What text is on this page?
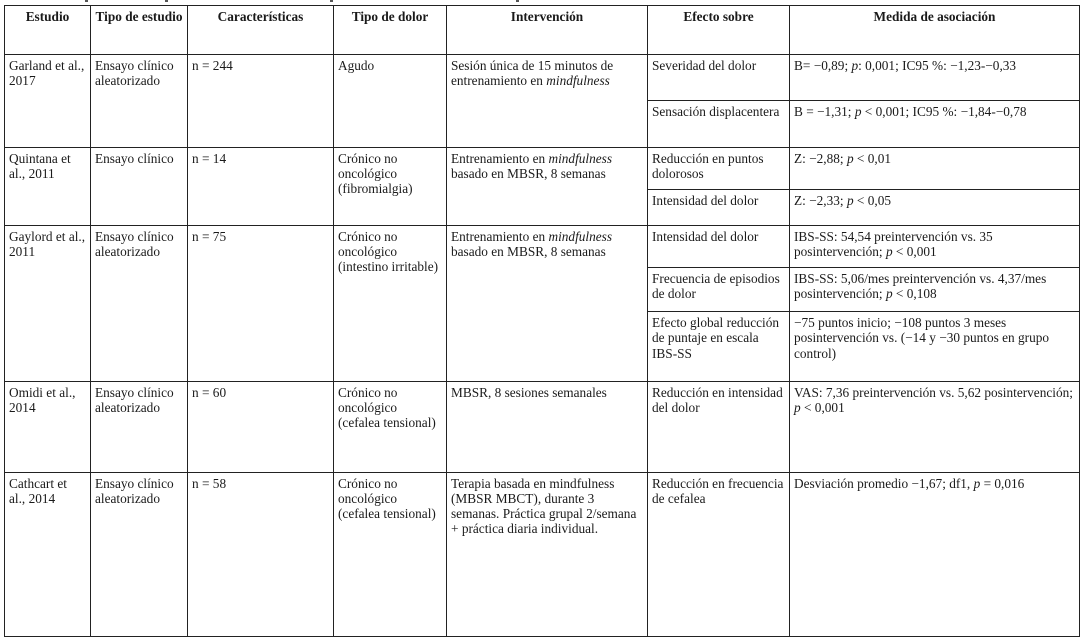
Estudio	Tipo de estudio	Características	Tipo de dolor	Intervención	Efecto sobre	Medida de asociación
Garland et al., 2017	Ensayo clínico aleatorizado	n = 244	Agudo	Sesión única de 15 minutos de entrenamiento en mindfulness	Severidad del dolor	B= −0,89; p: 0,001; IC95 %: −1,23-−0,33
					Sensación displacentera	B = −1,31; p < 0,001; IC95 %: −1,84-−0,78
Quintana et al., 2011	Ensayo clínico	n = 14	Crónico no oncológico (fibromialgia)	Entrenamiento en mindfulness basado en MBSR, 8 semanas	Reducción en puntos dolorosos	Z: −2,88; p < 0,01
					Intensidad del dolor	Z: −2,33; p < 0,05
Gaylord et al., 2011	Ensayo clínico aleatorizado	n = 75	Crónico no oncológico (intestino irritable)	Entrenamiento en mindfulness basado en MBSR, 8 semanas	Intensidad del dolor	IBS-SS: 54,54 preintervención vs. 35 posintervención; p < 0,001
					Frecuencia de episodios de dolor	IBS-SS: 5,06/mes preintervención vs. 4,37/mes posintervención; p < 0,108
					Efecto global reducción de puntaje en escala IBS-SS	−75 puntos inicio; −108 puntos 3 meses posintervención vs. (−14 y −30 puntos en grupo control)
Omidi et al., 2014	Ensayo clínico aleatorizado	n = 60	Crónico no oncológico (cefalea tensional)	MBSR, 8 sesiones semanales	Reducción en intensidad del dolor	VAS: 7,36 preintervención vs. 5,62 posintervención; p < 0,001
Cathcart et al., 2014	Ensayo clínico aleatorizado	n = 58	Crónico no oncológico (cefalea tensional)	Terapia basada en mindfulness (MBSR MBCT), durante 3 semanas. Práctica grupal 2/semana + práctica diaria individual.	Reducción en frecuencia de cefalea	Desviación promedio −1,67; df1, p = 0,016
